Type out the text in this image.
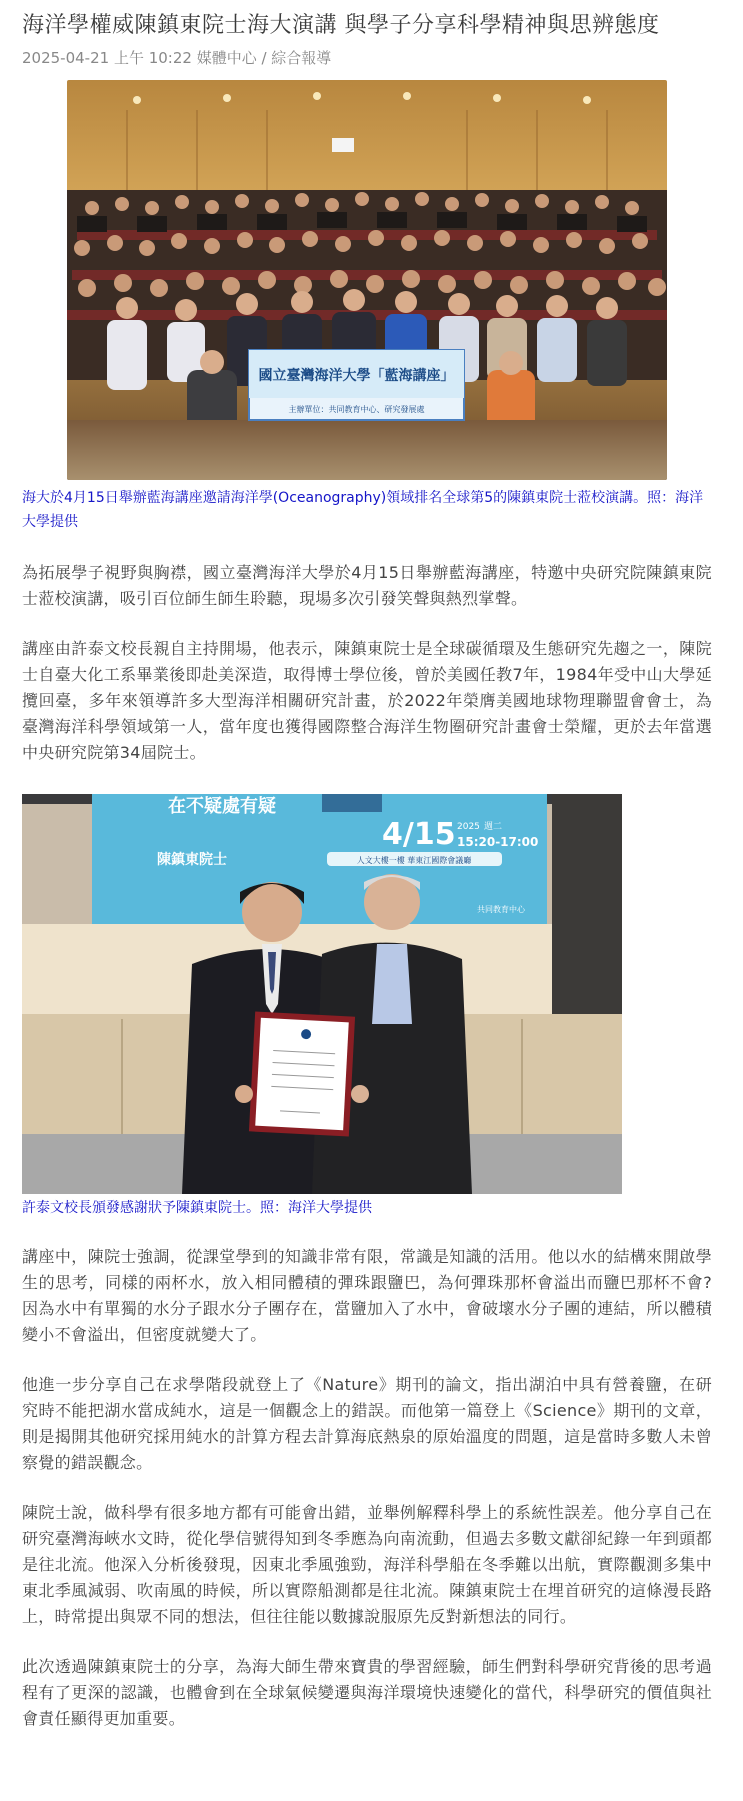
海洋學權威陳鎮東院士海大演講 與學子分享科學精神與思辨態度
2025-04-21 上午 10:22 媒體中心 / 綜合報導
國立臺灣海洋大學「藍海講座」
主辦單位：共同教育中心、研究發展處
海大於4月15日舉辦藍海講座邀請海洋學(Oceanography)領域排名全球第5的陳鎮東院士蒞校演講。照：海洋大學提供
為拓展學子視野與胸襟，國立臺灣海洋大學於4月15日舉辦藍海講座，特邀中央研究院陳鎮東院士蒞校演講，吸引百位師生師生聆聽，現場多次引發笑聲與熱烈掌聲。
講座由許泰文校長親自主持開場，他表示，陳鎮東院士是全球碳循環及生態研究先趨之一，陳院士自臺大化工系畢業後即赴美深造，取得博士學位後，曾於美國任教7年，1984年受中山大學延攬回臺，多年來領導許多大型海洋相關研究計畫，於2022年榮膺美國地球物理聯盟會會士，為臺灣海洋科學領域第一人，當年度也獲得國際整合海洋生物圈研究計畫會士榮耀，更於去年當選中央研究院第34屆院士。
在不疑處有疑
4/15 2025 週二
15:20-17:00
人文大樓一樓 華東江國際會議廳
陳鎮東院士
共同教育中心
許泰文校長頒發感謝狀予陳鎮東院士。照：海洋大學提供
講座中，陳院士強調，從課堂學到的知識非常有限，常識是知識的活用。他以水的結構來開啟學生的思考，同樣的兩杯水，放入相同體積的彈珠跟鹽巴，為何彈珠那杯會溢出而鹽巴那杯不會?因為水中有單獨的水分子跟水分子團存在，當鹽加入了水中，會破壞水分子團的連結，所以體積變小不會溢出，但密度就變大了。
他進一步分享自己在求學階段就登上了《Nature》期刊的論文，指出湖泊中具有營養鹽，在研究時不能把湖水當成純水，這是一個觀念上的錯誤。而他第一篇登上《Science》期刊的文章，則是揭開其他研究採用純水的計算方程去計算海底熱泉的原始溫度的問題，這是當時多數人未曾察覺的錯誤觀念。
陳院士說，做科學有很多地方都有可能會出錯，並舉例解釋科學上的系統性誤差。他分享自己在研究臺灣海峽水文時，從化學信號得知到冬季應為向南流動，但過去多數文獻卻紀錄一年到頭都是往北流。他深入分析後發現，因東北季風強勁，海洋科學船在冬季難以出航，實際觀測多集中東北季風減弱、吹南風的時候，所以實際船測都是往北流。陳鎮東院士在埋首研究的這條漫長路上，時常提出與眾不同的想法，但往往能以數據說服原先反對新想法的同行。
此次透過陳鎮東院士的分享，為海大師生帶來寶貴的學習經驗，師生們對科學研究背後的思考過程有了更深的認識，也體會到在全球氣候變遷與海洋環境快速變化的當代，科學研究的價值與社會責任顯得更加重要。
